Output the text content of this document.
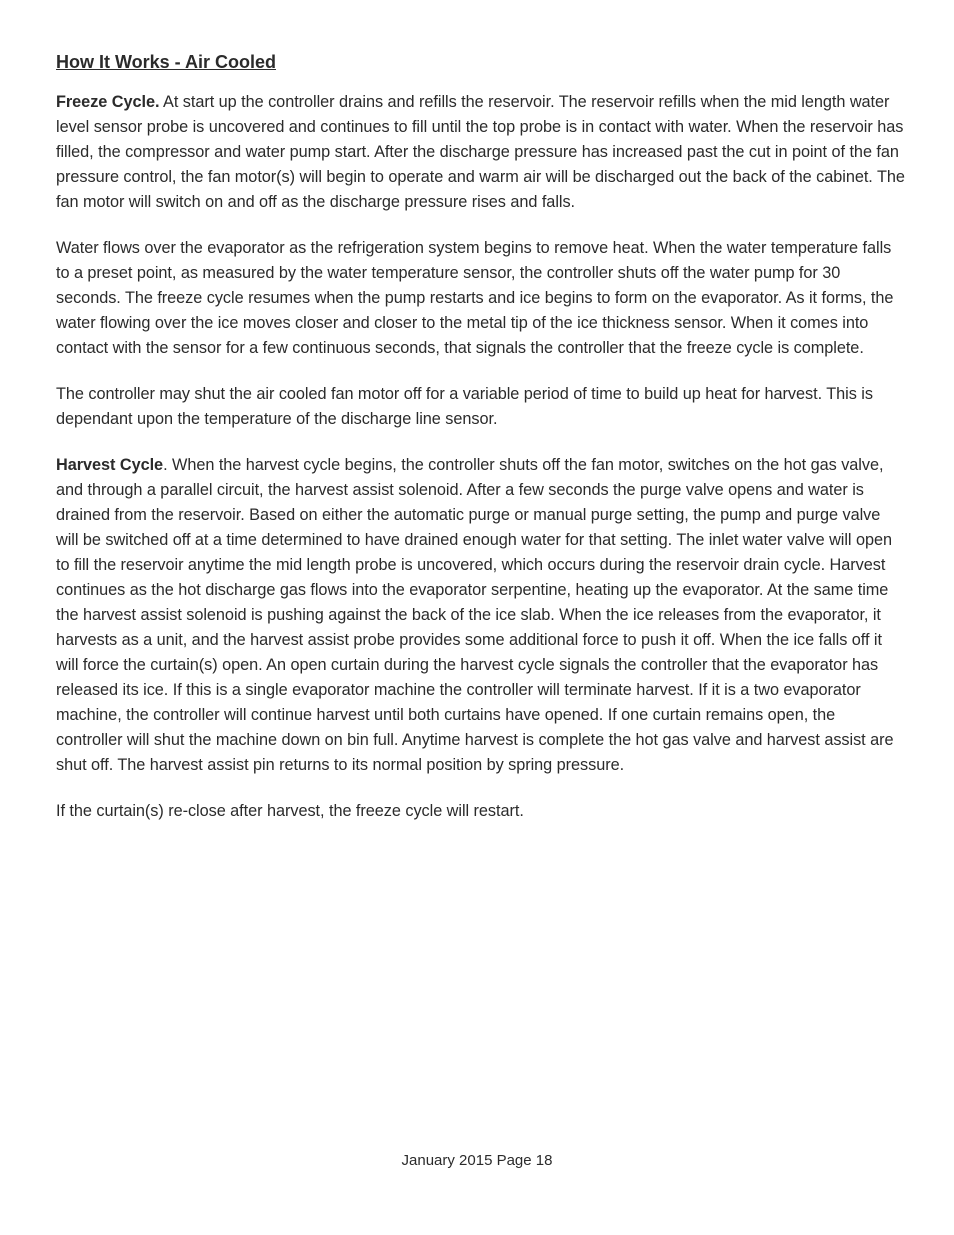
How It Works - Air Cooled

Freeze Cycle. At start up the controller drains and refills the reservoir. The reservoir refills when the mid length water level sensor probe is uncovered and continues to fill until the top probe is in contact with water. When the reservoir has filled, the compressor and water pump start. After the discharge pressure has increased past the cut in point of the fan pressure control, the fan motor(s) will begin to operate and warm air will be discharged out the back of the cabinet. The fan motor will switch on and off as the discharge pressure rises and falls.

Water flows over the evaporator as the refrigeration system begins to remove heat. When the water temperature falls to a preset point, as measured by the water temperature sensor, the controller shuts off the water pump for 30 seconds. The freeze cycle resumes when the pump restarts and ice begins to form on the evaporator. As it forms, the water flowing over the ice moves closer and closer to the metal tip of the ice thickness sensor. When it comes into contact with the sensor for a few continuous seconds, that signals the controller that the freeze cycle is complete.

The controller may shut the air cooled fan motor off for a variable period of time to build up heat for harvest. This is dependant upon the temperature of the discharge line sensor.

Harvest Cycle. When the harvest cycle begins, the controller shuts off the fan motor, switches on the hot gas valve, and through a parallel circuit, the harvest assist solenoid. After a few seconds the purge valve opens and water is drained from the reservoir. Based on either the automatic purge or manual purge setting, the pump and purge valve will be switched off at a time determined to have drained enough water for that setting. The inlet water valve will open to fill the reservoir anytime the mid length probe is uncovered, which occurs during the reservoir drain cycle. Harvest continues as the hot discharge gas flows into the evaporator serpentine, heating up the evaporator. At the same time the harvest assist solenoid is pushing against the back of the ice slab. When the ice releases from the evaporator, it harvests as a unit, and the harvest assist probe provides some additional force to push it off. When the ice falls off it will force the curtain(s) open. An open curtain during the harvest cycle signals the controller that the evaporator has released its ice. If this is a single evaporator machine the controller will terminate harvest. If it is a two evaporator machine, the controller will continue harvest until both curtains have opened. If one curtain remains open, the controller will shut the machine down on bin full. Anytime harvest is complete the hot gas valve and harvest assist are shut off. The harvest assist pin returns to its normal position by spring pressure.

If the curtain(s) re-close after harvest, the freeze cycle will restart.

January 2015 Page 18
